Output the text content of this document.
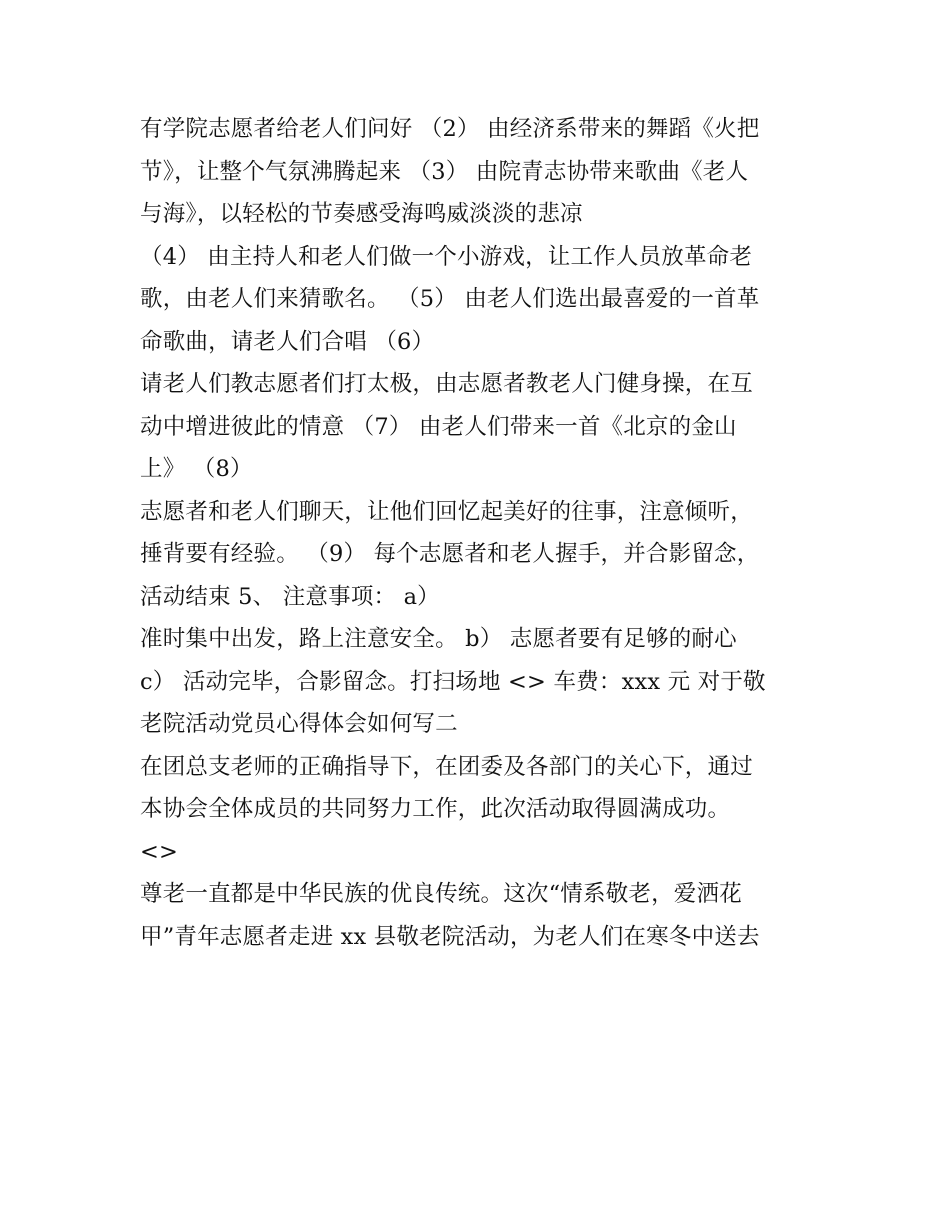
有学院志愿者给老人们问好 （2） 由经济系带来的舞蹈《火把
节》，让整个气氛沸腾起来 （3） 由院青志协带来歌曲《老人
与海》，以轻松的节奏感受海鸣威淡淡的悲凉
（4） 由主持人和老人们做一个小游戏，让工作人员放革命老
歌，由老人们来猜歌名。 （5） 由老人们选出最喜爱的一首革
命歌曲，请老人们合唱 （6）
请老人们教志愿者们打太极，由志愿者教老人门健身操，在互
动中增进彼此的情意 （7） 由老人们带来一首《北京的金山
上》 （8）
志愿者和老人们聊天，让他们回忆起美好的往事，注意倾听，
捶背要有经验。 （9） 每个志愿者和老人握手，并合影留念，
活动结束 5、 注意事项： a）
准时集中出发，路上注意安全。 b） 志愿者要有足够的耐心
c） 活动完毕，合影留念。打扫场地 <> 车费：xxx 元 对于敬
老院活动党员心得体会如何写二
在团总支老师的正确指导下，在团委及各部门的关心下，通过
本协会全体成员的共同努力工作，此次活动取得圆满成功。
<>
尊老一直都是中华民族的优良传统。这次“情系敬老，爱洒花
甲”青年志愿者走进 xx 县敬老院活动，为老人们在寒冬中送去
